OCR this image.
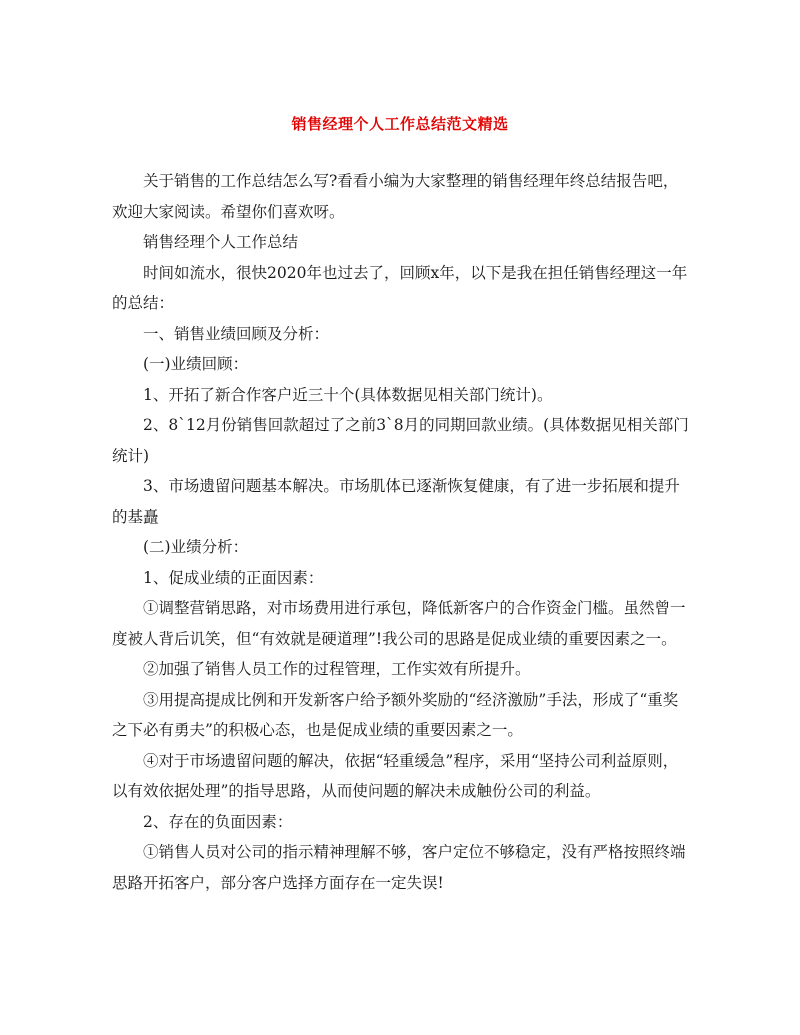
销售经理个人工作总结范文精选

关于销售的工作总结怎么写?看看小编为大家整理的销售经理年终总结报告吧，欢迎大家阅读。希望你们喜欢呀。

销售经理个人工作总结

时间如流水，很快2020年也过去了，回顾x年，以下是我在担任销售经理这一年的总结：

一、销售业绩回顾及分析：

(一)业绩回顾：

1、开拓了新合作客户近三十个(具体数据见相关部门统计)。

2、8`12月份销售回款超过了之前3`8月的同期回款业绩。(具体数据见相关部门统计)

3、市场遗留问题基本解决。市场肌体已逐渐恢复健康，有了进一步拓展和提升的基矗

(二)业绩分析：

1、促成业绩的正面因素：

①调整营销思路，对市场费用进行承包，降低新客户的合作资金门槛。虽然曾一度被人背后讥笑，但“有效就是硬道理”!我公司的思路是促成业绩的重要因素之一。

②加强了销售人员工作的过程管理，工作实效有所提升。

③用提高提成比例和开发新客户给予额外奖励的“经济激励”手法，形成了“重奖之下必有勇夫”的积极心态，也是促成业绩的重要因素之一。

④对于市场遗留问题的解决，依据“轻重缓急”程序，采用“坚持公司利益原则，以有效依据处理”的指导思路，从而使问题的解决未成触份公司的利益。

2、存在的负面因素：

①销售人员对公司的指示精神理解不够，客户定位不够稳定，没有严格按照终端思路开拓客户，部分客户选择方面存在一定失误!
